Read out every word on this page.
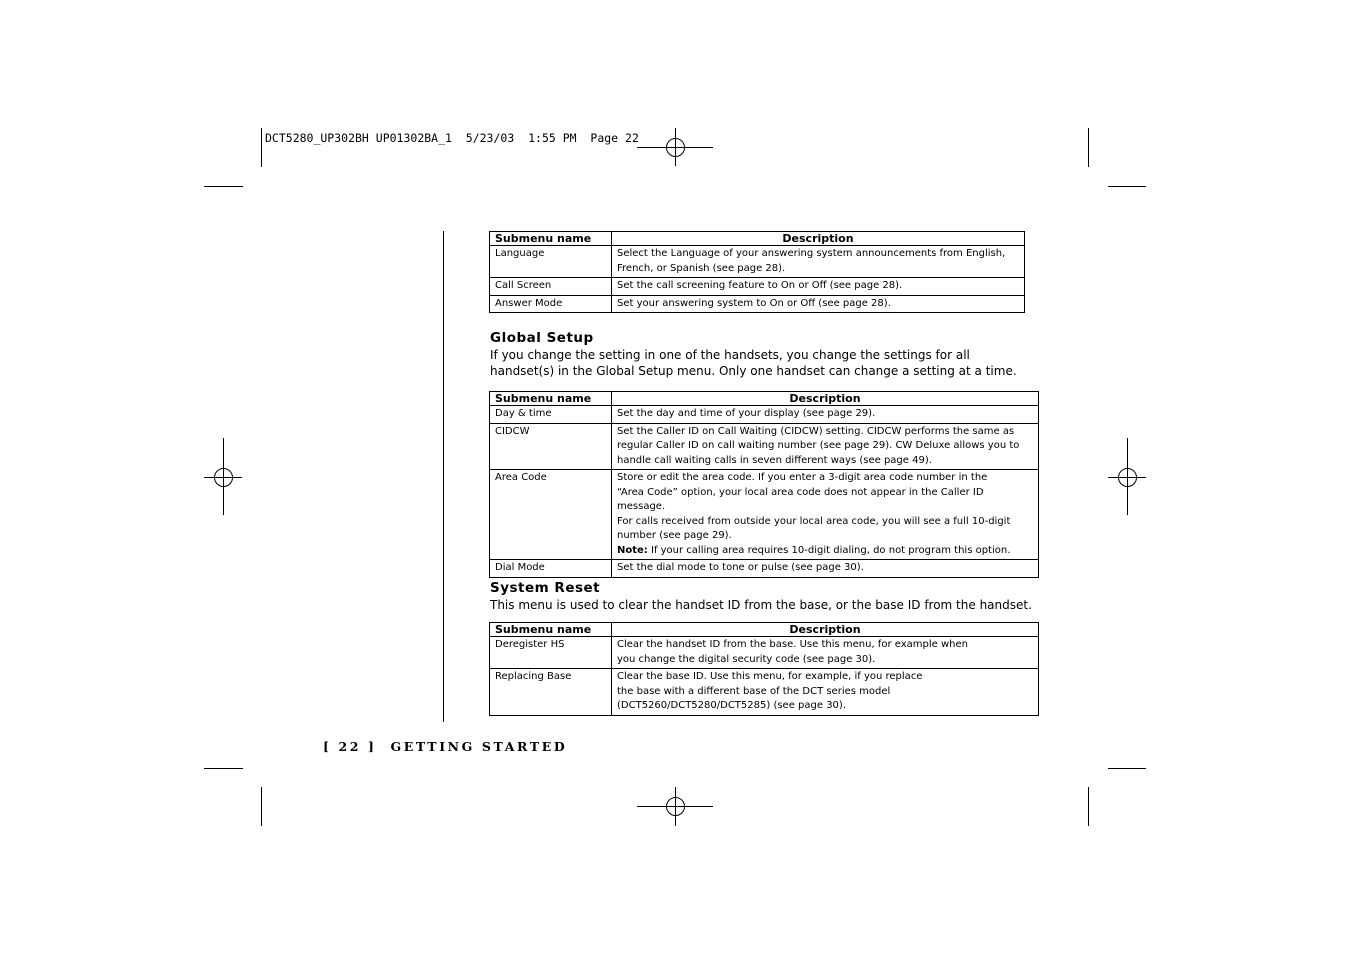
DCT5280_UP302BH UP01302BA_1  5/23/03  1:55 PM  Page 22
Submenu name	Description
Language	Select the Language of your answering system announcements from English,
French, or Spanish (see page 28).
Call Screen	Set the call screening feature to On or Off (see page 28).
Answer Mode	Set your answering system to On or Off (see page 28).
Global Setup

If you change the setting in one of the handsets, you change the settings for all
handset(s) in the Global Setup menu. Only one handset can change a setting at a time.

Submenu name	Description
Day & time	Set the day and time of your display (see page 29).
CIDCW	Set the Caller ID on Call Waiting (CIDCW) setting. CIDCW performs the same as
regular Caller ID on call waiting number (see page 29). CW Deluxe allows you to
handle call waiting calls in seven different ways (see page 49).
Area Code	Store or edit the area code. If you enter a 3-digit area code number in the
“Area Code” option, your local area code does not appear in the Caller ID message.
For calls received from outside your local area code, you will see a full 10-digit
number (see page 29).
Note: If your calling area requires 10-digit dialing, do not program this option.
Dial Mode	Set the dial mode to tone or pulse (see page 30).
System Reset

This menu is used to clear the handset ID from the base, or the base ID from the handset.

Submenu name	Description
Deregister HS	Clear the handset ID from the base. Use this menu, for example when
you change the digital security code (see page 30).
Replacing Base	Clear the base ID. Use this menu, for example, if you replace
the base with a different base of the DCT series model
(DCT5260/DCT5280/DCT5285) (see page 30).
[ 22 ] GETTING STARTED
